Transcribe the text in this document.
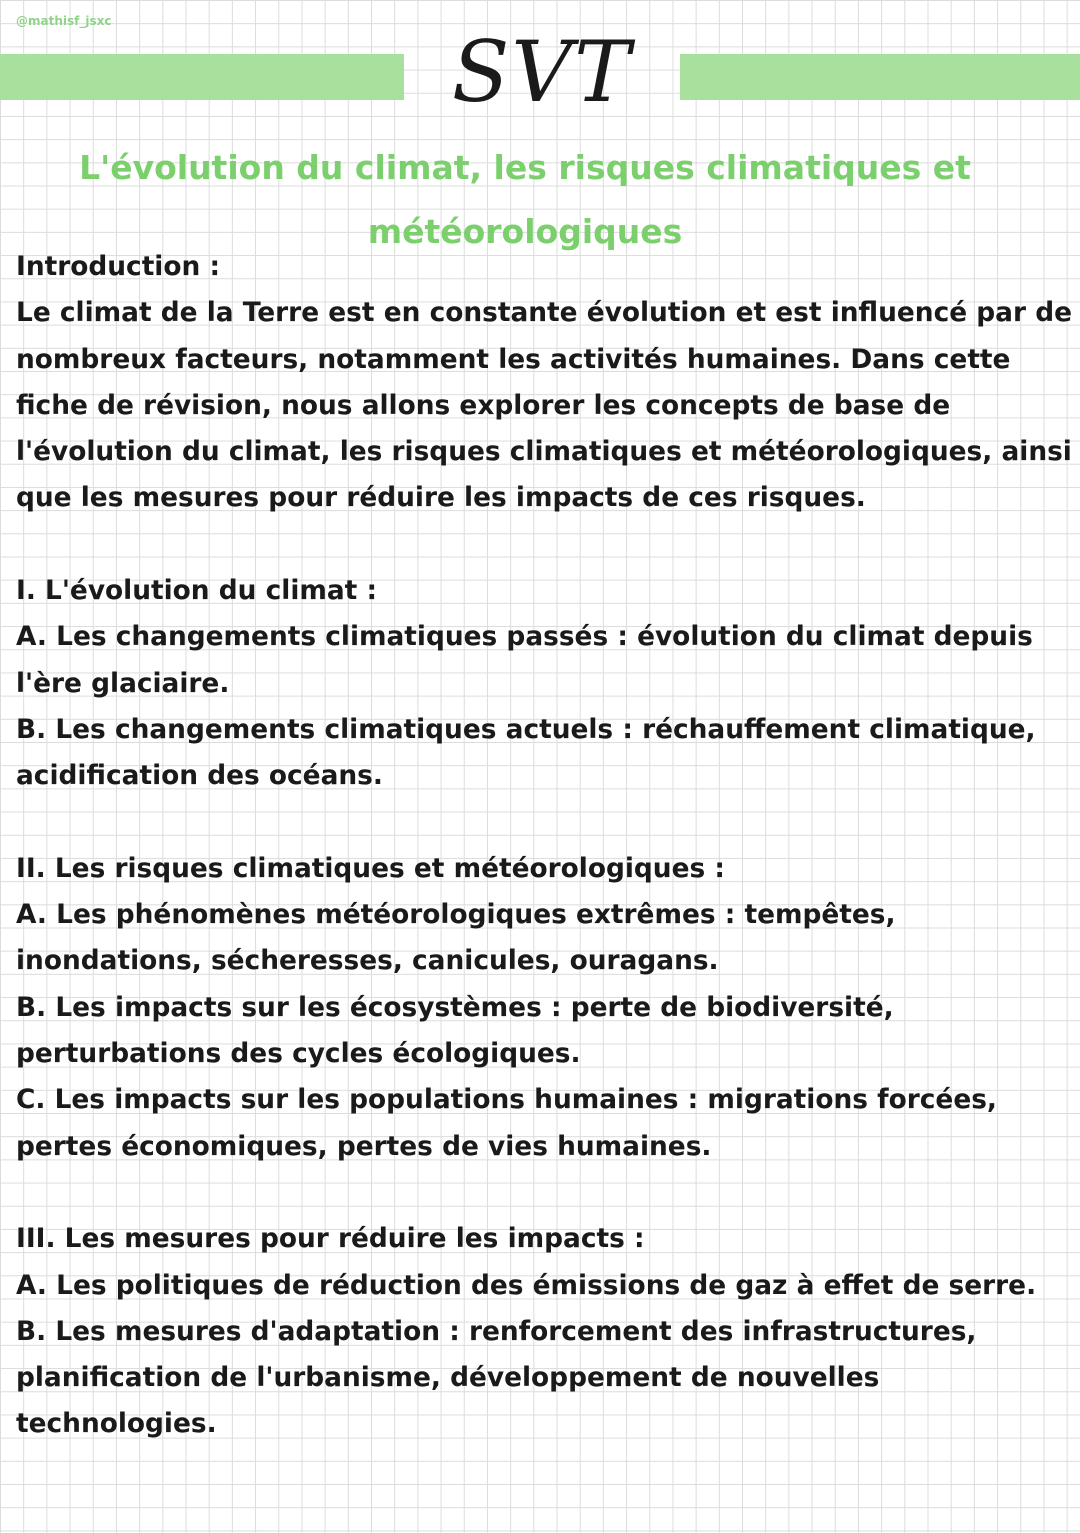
@mathisf_jsxc
SVT
L'évolution du climat, les risques climatiques et météorologiques

Introduction :

Le climat de la Terre est en constante évolution et est influencé par de nombreux facteurs, notamment les activités humaines. Dans cette fiche de révision, nous allons explorer les concepts de base de l'évolution du climat, les risques climatiques et météorologiques, ainsi que les mesures pour réduire les impacts de ces risques.

I. L'évolution du climat :

A. Les changements climatiques passés : évolution du climat depuis l'ère glaciaire.

B. Les changements climatiques actuels : réchauffement climatique, acidification des océans.

II. Les risques climatiques et météorologiques :

A. Les phénomènes météorologiques extrêmes : tempêtes, inondations, sécheresses, canicules, ouragans.

B. Les impacts sur les écosystèmes : perte de biodiversité, perturbations des cycles écologiques.

C. Les impacts sur les populations humaines : migrations forcées, pertes économiques, pertes de vies humaines.

III. Les mesures pour réduire les impacts :

A. Les politiques de réduction des émissions de gaz à effet de serre.

B. Les mesures d'adaptation : renforcement des infrastructures, planification de l'urbanisme, développement de nouvelles technologies.
